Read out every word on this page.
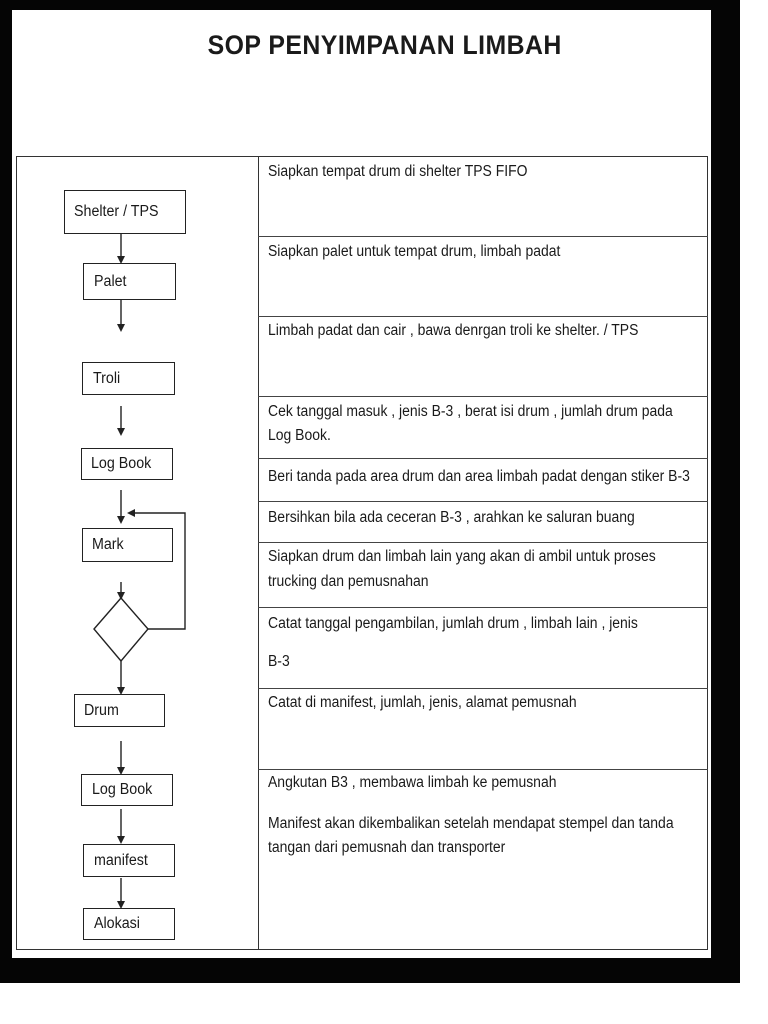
SOP PENYIMPANAN LIMBAH

Siapkan tempat drum di shelter TPS FIFO

Siapkan palet untuk tempat drum, limbah padat

Limbah padat dan cair , bawa denrgan troli ke shelter. / TPS

Cek tanggal masuk , jenis B-3 , berat isi drum , jumlah drum pada

Log Book.

Beri tanda pada area drum dan area limbah padat dengan stiker B-3

Bersihkan bila ada ceceran B-3 , arahkan ke saluran buang

Siapkan drum dan limbah lain yang akan di ambil untuk proses

trucking dan pemusnahan

Catat tanggal pengambilan, jumlah drum , limbah lain , jenis

B-3

Catat di manifest, jumlah, jenis, alamat pemusnah

Angkutan B3 , membawa limbah ke pemusnah

Manifest akan dikembalikan setelah mendapat stempel dan tanda

tangan dari pemusnah dan transporter

Shelter / TPS
Palet
Troli
Log Book
Mark
Drum
Log Book
manifest
Alokasi
